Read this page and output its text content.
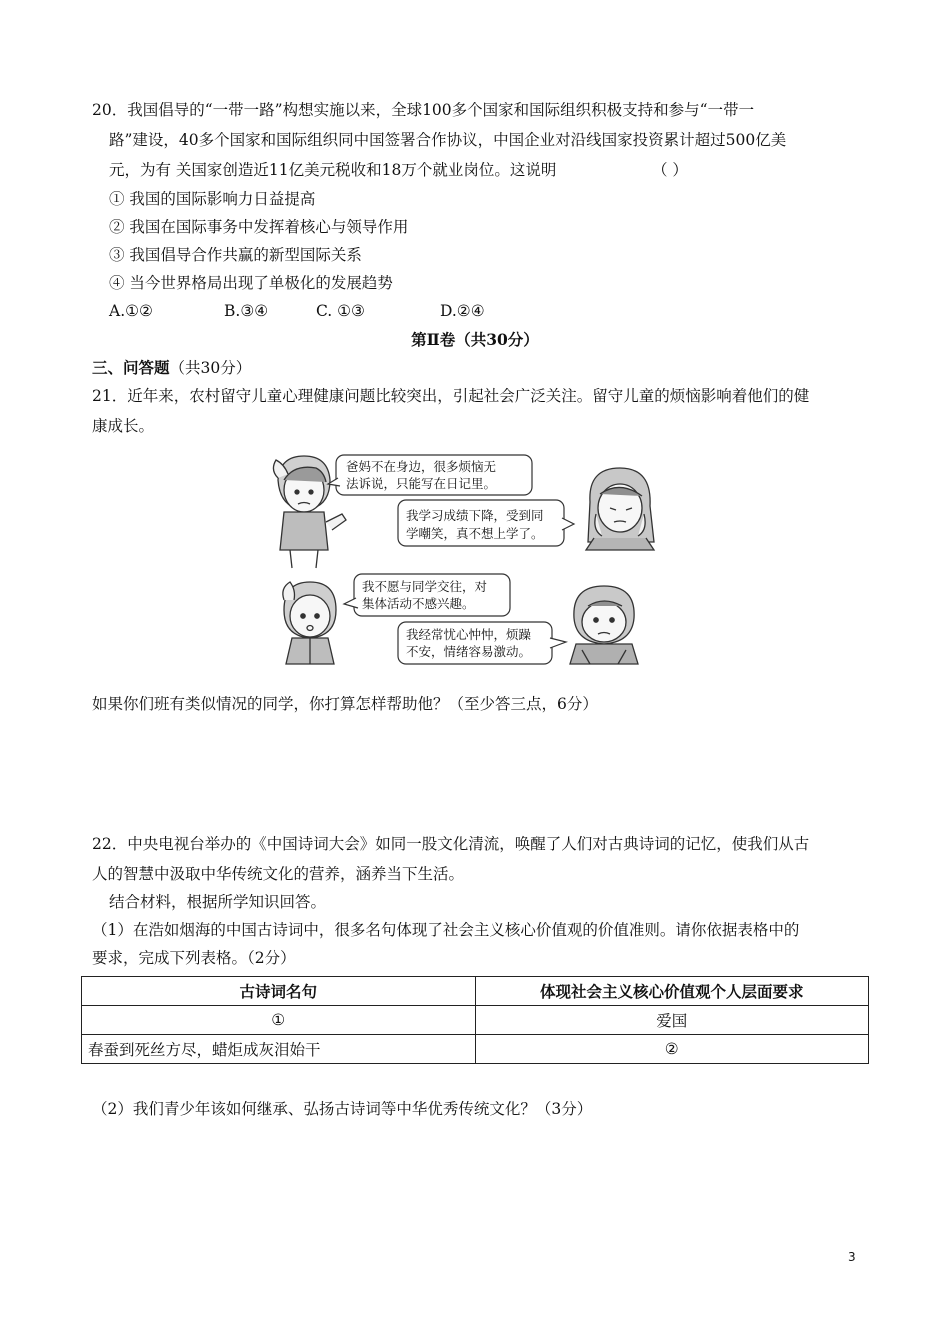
20．我国倡导的“一带一路”构想实施以来，全球100多个国家和国际组织积极支持和参与“一带一
路”建设，40多个国家和国际组织同中国签署合作协议，中国企业对沿线国家投资累计超过500亿美
元，为有 关国家创造近11亿美元税收和18万个就业岗位。这说明	（ ）
① 我国的国际影响力日益提高
② 我国在国际事务中发挥着核心与领导作用
③ 我国倡导合作共赢的新型国际关系
④ 当今世界格局出现了单极化的发展趋势
A.①②	B.③④	C. ①③	D.②④
第Ⅱ卷（共30分）
三、问答题（共30分）
21．近年来，农村留守儿童心理健康问题比较突出，引起社会广泛关注。留守儿童的烦恼影响着他们的健
康成长。
爸妈不在身边，很多烦恼无
法诉说，只能写在日记里。
我学习成绩下降，受到同
学嘲笑，真不想上学了。
我不愿与同学交往，对
集体活动不感兴趣。
我经常忧心忡忡，烦躁
不安，情绪容易激动。
如果你们班有类似情况的同学，你打算怎样帮助他？（至少答三点，6分）
22．中央电视台举办的《中国诗词大会》如同一股文化清流，唤醒了人们对古典诗词的记忆，使我们从古
人的智慧中汲取中华传统文化的营养，涵养当下生活。
结合材料，根据所学知识回答。
（1）在浩如烟海的中国古诗词中，很多名句体现了社会主义核心价值观的价值准则。请你依据表格中的
要求，完成下列表格。（2分）
古诗词名句	体现社会主义核心价值观个人层面要求
①	爱国
春蚕到死丝方尽，蜡炬成灰泪始干	②
（2）我们青少年该如何继承、弘扬古诗词等中华优秀传统文化？（3分）
3
